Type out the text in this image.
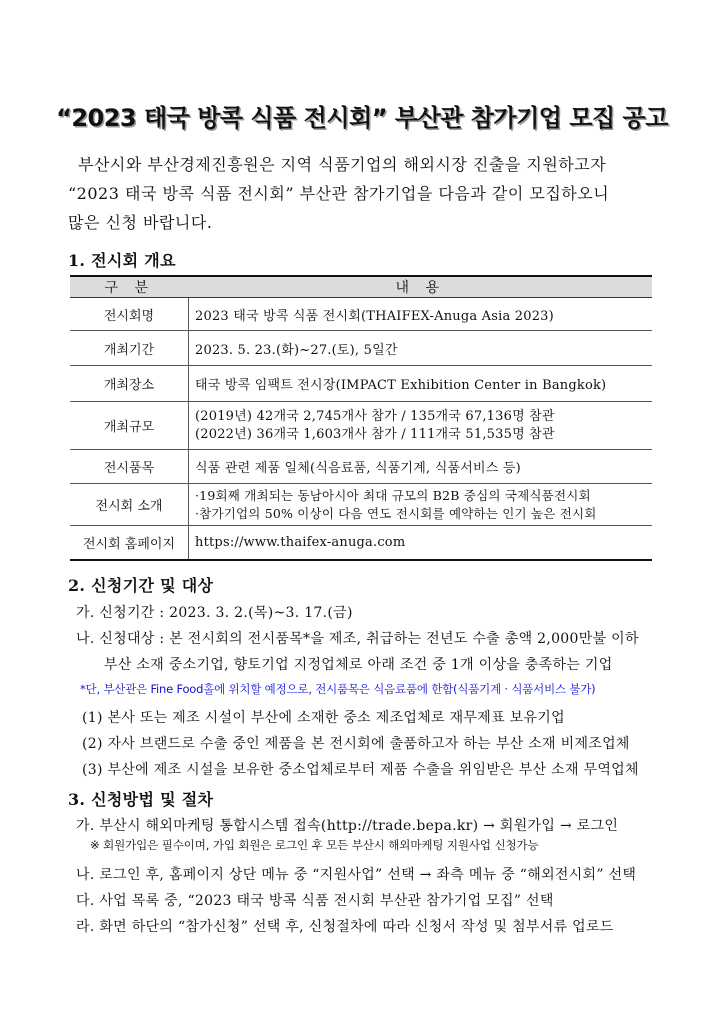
“2023 태국 방콕 식품 전시회” 부산관 참가기업 모집 공고

부산시와 부산경제진흥원은 지역 식품기업의 해외시장 진출을 지원하고자

“2023 태국 방콕 식품 전시회” 부산관 참가기업을 다음과 같이 모집하오니

많은 신청 바랍니다.

1. 전시회 개요
구 분	내 용
전시회명	2023 태국 방콕 식품 전시회(THAIFEX-Anuga Asia 2023)
개최기간	2023. 5. 23.(화)~27.(토), 5일간
개최장소	태국 방콕 임팩트 전시장(IMPACT Exhibition Center in Bangkok)
개최규모	(2019년) 42개국 2,745개사 참가 / 135개국 67,136명 참관
(2022년) 36개국 1,603개사 참가 / 111개국 51,535명 참관

전시품목	식품 관련 제품 일체(식음료품, 식품기계, 식품서비스 등)
전시회 소개	·19회째 개최되는 동남아시아 최대 규모의 B2B 중심의 국제식품전시회
·참가기업의 50% 이상이 다음 연도 전시회를 예약하는 인기 높은 전시회

전시회 홈페이지	https://www.thaifex-anuga.com
2. 신청기간 및 대상
가. 신청기간 : 2023. 3. 2.(목)~3. 17.(금)
나. 신청대상 : 본 전시회의 전시품목*을 제조, 취급하는 전년도 수출 총액 2,000만불 이하
부산 소재 중소기업, 향토기업 지정업체로 아래 조건 중 1개 이상을 충족하는 기업
*단, 부산관은 Fine Food홀에 위치할 예정으로, 전시품목은 식음료품에 한함(식품기계 · 식품서비스 불가)
(1) 본사 또는 제조 시설이 부산에 소재한 중소 제조업체로 재무제표 보유기업
(2) 자사 브랜드로 수출 중인 제품을 본 전시회에 출품하고자 하는 부산 소재 비제조업체
(3) 부산에 제조 시설을 보유한 중소업체로부터 제품 수출을 위임받은 부산 소재 무역업체
3. 신청방법 및 절차
가. 부산시 해외마케팅 통합시스템 접속(http://trade.bepa.kr) → 회원가입 → 로그인
※ 회원가입은 필수이며, 가입 회원은 로그인 후 모든 부산시 해외마케팅 지원사업 신청가능
나. 로그인 후, 홈페이지 상단 메뉴 중 “지원사업” 선택 → 좌측 메뉴 중 “해외전시회” 선택
다. 사업 목록 중, “2023 태국 방콕 식품 전시회 부산관 참가기업 모집” 선택
라. 화면 하단의 “참가신청” 선택 후, 신청절차에 따라 신청서 작성 및 첨부서류 업로드
